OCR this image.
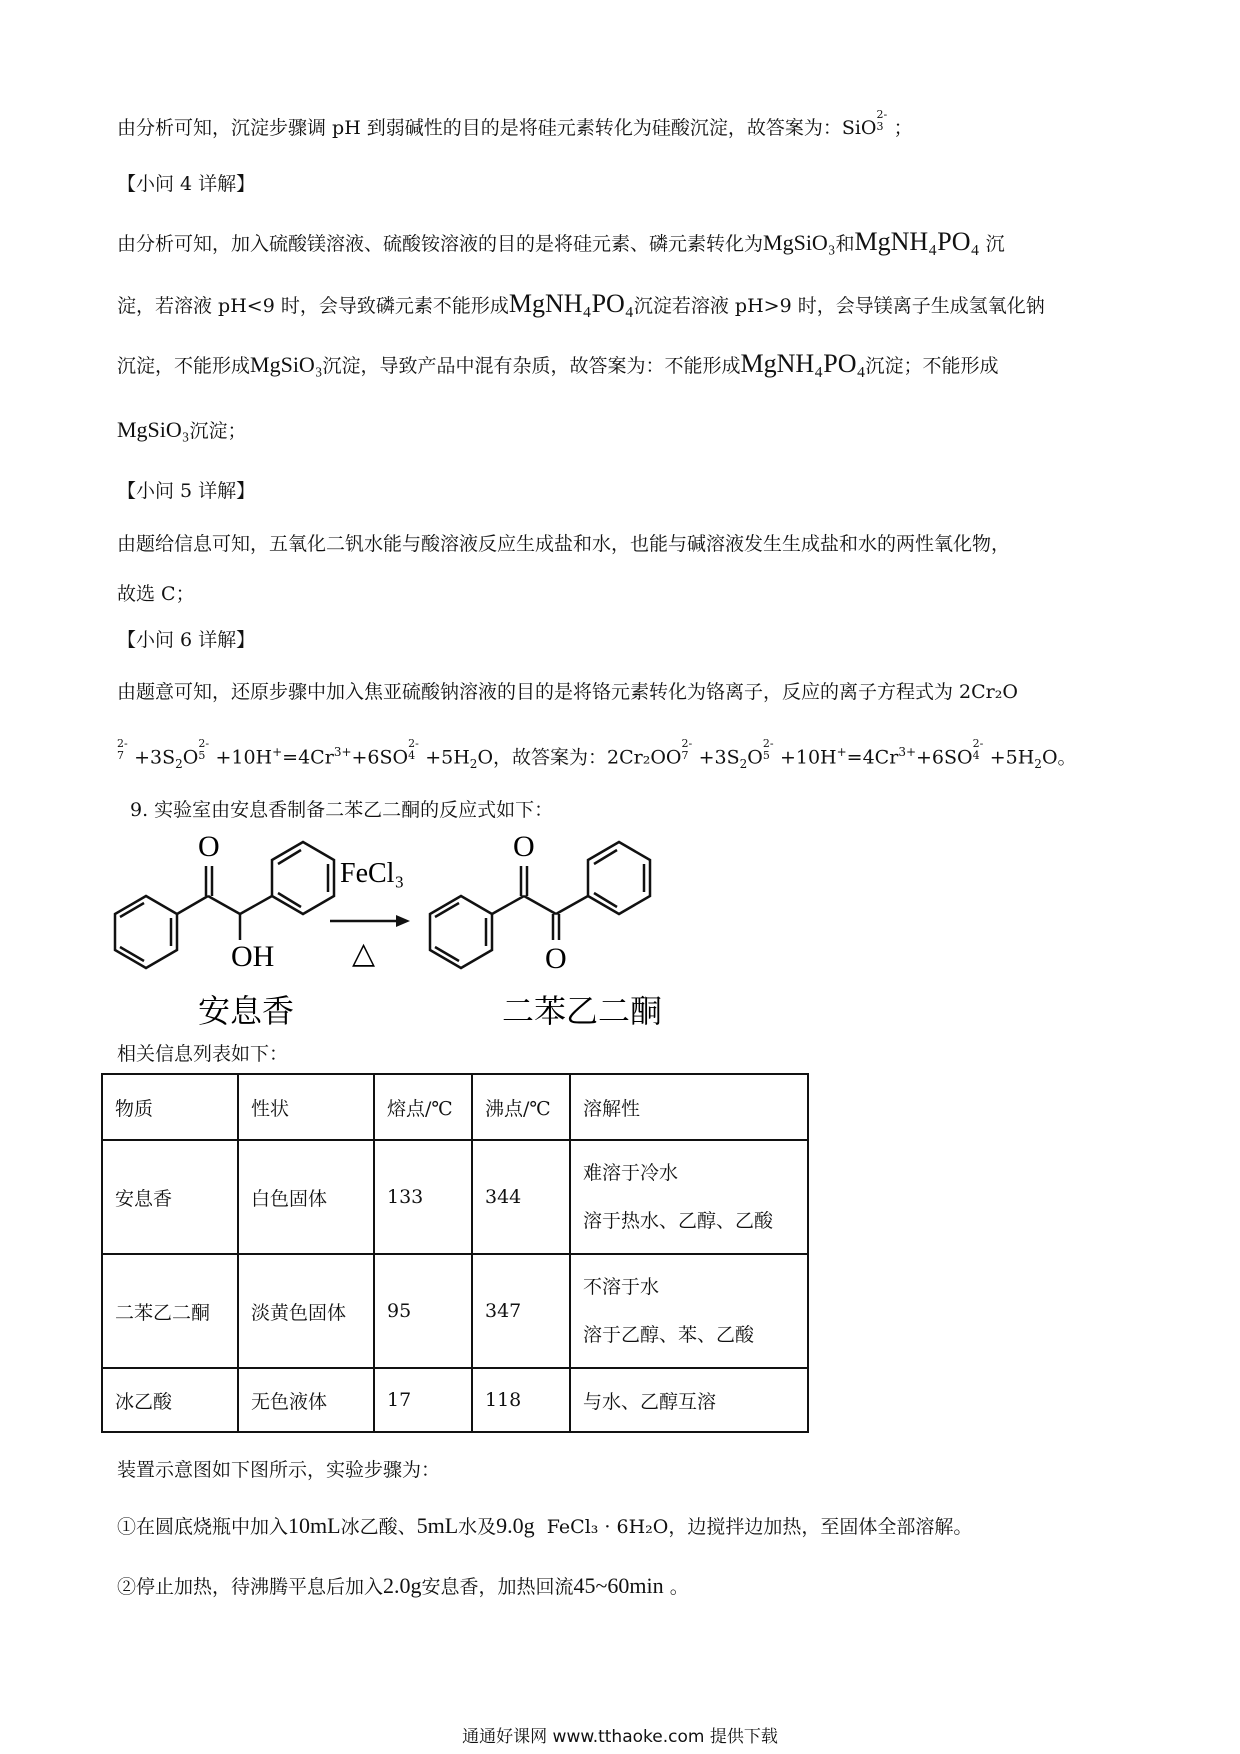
由分析可知，沉淀步骤调 pH 到弱碱性的目的是将硅元素转化为硅酸沉淀，故答案为：SiO
2-
3 ；
【小问 4 详解】
由分析可知，加入硫酸镁溶液、硫酸铵溶液的目的是将硅元素、磷元素转化为MgSiO₃和MgNH₄PO₄ 沉
淀，若溶液 pH<9 时，会导致磷元素不能形成MgNH₄PO₄沉淀若溶液 pH>9 时，会导镁离子生成氢氧化钠
沉淀，不能形成MgSiO₃沉淀，导致产品中混有杂质，故答案为：不能形成MgNH₄PO₄沉淀；不能形成
MgSiO₃沉淀；
【小问 5 详解】
由题给信息可知，五氧化二钒水能与酸溶液反应生成盐和水，也能与碱溶液发生生成盐和水的两性氧化物，
故选 C；
【小问 6 详解】
由题意可知，还原步骤中加入焦亚硫酸钠溶液的目的是将铬元素转化为铬离子，反应的离子方程式为 2Cr₂O
2-
$7 +3S_2O$
2-
$5 +10H^+=4Cr^{3+}+6SO$
2-
$4 +5H_2O$，故答案为：2Cr₂OO
2-
$7 +3S_2O$
2-
$5 +10H^+=4Cr^{3+}+6SO$
2-
$4 +5H_2O$。
9. 实验室由安息香制备二苯乙二酮的反应式如下：
O
OH
FeCl₃
△
O
O
安息香	二苯乙二酮
相关信息列表如下：
物质	性状	熔点/℃	沸点/℃	溶解性
安息香	白色固体	133	344	难溶于冷水
溶于热水、乙醇、乙酸

二苯乙二酮	淡黄色固体	95	347	不溶于水
溶于乙醇、苯、乙酸

冰乙酸	无色液体	17	118	与水、乙醇互溶
装置示意图如下图所示，实验步骤为：
①在圆底烧瓶中加入10mL冰乙酸、5mL水及9.0g FeCl₃ · 6H₂O，边搅拌边加热，至固体全部溶解。
②停止加热，待沸腾平息后加入2.0g安息香，加热回流45~60min 。
通通好课网 www.tthaoke.com 提供下载
